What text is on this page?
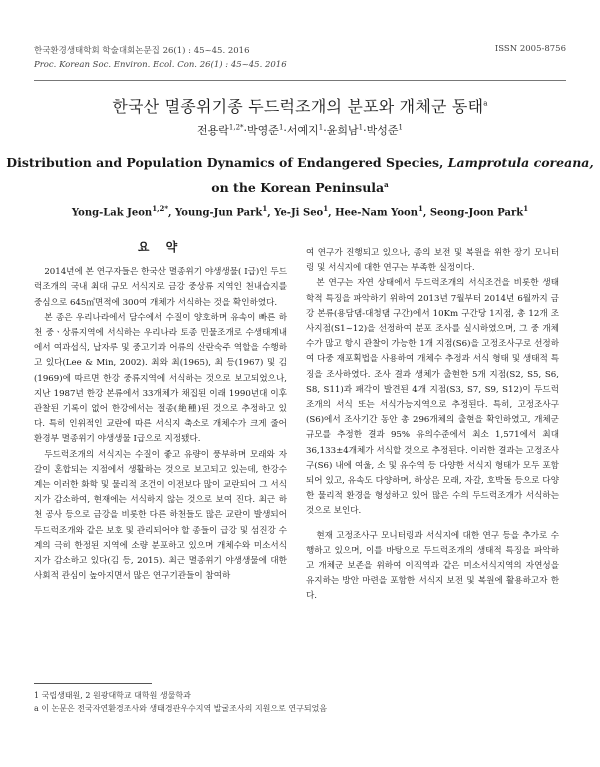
한국환경생태학회 학술대회논문집 26(1) : 45~45. 2016
Proc. Korean Soc. Environ. Ecol. Con. 26(1) : 45~45. 2016
ISSN 2005-8756
한국산 멸종위기종 두드럭조개의 분포와 개체군 동태$^a$
전용락$^{1,2*}$·박영준$^1$·서예지$^1$·윤희남$^1$·박성준$^1$
Distribution and Population Dynamics of Endangered Species, Lamprotula coreana,
on the Korean Peninsula$^a$
Yong-Lak Jeon$^{1,2*}$, Young-Jun Park$^1$, Ye-Ji Seo$^1$, Hee-Nam Yoon$^1$, Seong-Joon Park$^1$
요 약

2014년에 본 연구자들은 한국산 멸종위기 야생생물( I급)인 두드럭조개의 국내 최대 규모 서식지로 금강 중상류 지역인 천내습지를 중심으로 645㎡면적에 300여 개체가 서식하는 것을 확인하였다.

본 종은 우리나라에서 담수에서 수질이 양호하며 유속이 빠른 하천 중ㆍ상류지역에 서식하는 우리나라 토종 민물조개로 수생태계내에서 여과섭식, 납자루 및 중고기과 어류의 산란숙주 역할을 수행하고 있다(Lee & Min, 2002). 최와 최(1965), 최 등(1967) 및 김(1969)에 따르면 한강 중류지역에 서식하는 것으로 보고되었으나, 지난 1987년 한강 본류에서 33개체가 채집된 이래 1990년대 이후 관찰된 기록이 없어 한강에서는 절종(絶種)된 것으로 추정하고 있다. 특히 인위적인 교란에 따른 서식지 축소로 개체수가 크게 줄어 환경부 멸종위기 야생생물 Ⅰ급으로 지정됐다.

두드럭조개의 서식지는 수질이 좋고 유량이 풍부하며 모래와 자갈이 혼합되는 지점에서 생활하는 것으로 보고되고 있는데, 한강수계는 이러한 화학 및 물리적 조건이 이전보다 많이 교란되어 그 서식지가 감소하여, 현재에는 서식하지 않는 것으로 보여 진다. 최근 하천 공사 등으로 금강을 비롯한 다른 하천들도 많은 교란이 발생되어 두드럭조개와 같은 보호 및 관리되어야 할 종들이 급강 및 섬진강 수계의 극히 한정된 지역에 소량 분포하고 있으며 개체수와 미소서식지가 감소하고 있다(김 등, 2015). 최근 멸종위기 야생생물에 대한 사회적 관심이 높아지면서 많은 연구기관들이 참여하

여 연구가 진행되고 있으나, 종의 보전 및 복원을 위한 장기 모니터링 및 서식지에 대한 연구는 부족한 실정이다.

본 연구는 자연 상태에서 두드럭조개의 서식조건을 비롯한 생태학적 특징을 파악하기 위하여 2013년 7월부터 2014년 6월까지 금강 본류(용담댐-대청댐 구간)에서 10Km 구간당 1지점, 총 12개 조사지점(S1~12)을 선정하여 분포 조사를 실시하였으며, 그 중 개체수가 많고 항시 관찰이 가능한 1개 지점(S6)을 고정조사구로 선정하여 다중 재포획법을 사용하여 개체수 추정과 서식 형태 및 생태적 특징을 조사하였다. 조사 결과 생체가 출현한 5개 지점(S2, S5, S6, S8, S11)과 패각이 발견된 4개 지점(S3, S7, S9, S12)이 두드럭조개의 서식 또는 서식가능지역으로 추정된다. 특히, 고정조사구(S6)에서 조사기간 동안 총 296개체의 출현을 확인하였고, 개체군 규모를 추정한 결과 95% 유의수준에서 최소 1,571에서 최대 36,133±4개체가 서식할 것으로 추정된다. 이러한 결과는 고정조사구(S6) 내에 여울, 소 및 유수역 등 다양한 서식지 형태가 모두 포함되어 있고, 유속도 다양하며, 하상은 모래, 자갈, 호박돌 등으로 다양한 물리적 환경을 형성하고 있어 많은 수의 두드럭조개가 서식하는 것으로 보인다.

현재 고정조사구 모니터링과 서식지에 대한 연구 등을 추가로 수행하고 있으며, 이를 바탕으로 두드럭조개의 생태적 특징을 파악하고 개체군 보존을 위하여 이직역과 같은 미소서식지역의 자연성을 유지하는 방안 마련을 포함한 서식지 보전 및 복원에 활용하고자 한다.

1 국립생태원, 2 원광대학교 대학원 생물학과
a 이 논문은 전국자연환경조사와 생태경관우수지역 발굴조사의 지원으로 연구되었음
